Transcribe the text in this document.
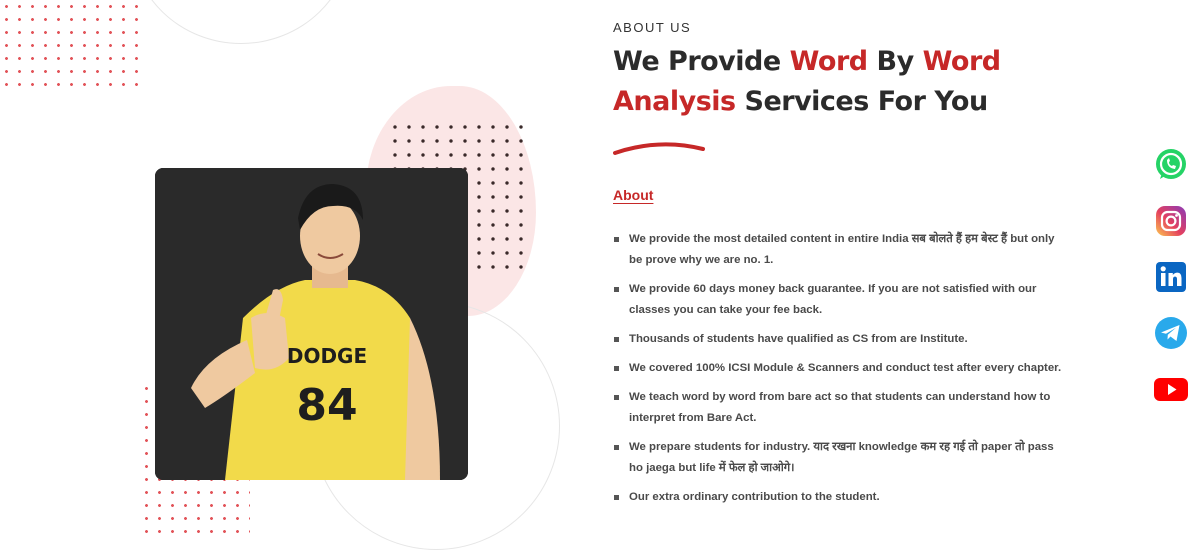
DODGE
84
ABOUT US
We Provide Word By Word
Analysis Services For You
About
We provide the most detailed content in entire India सब बोलते हैं हम बेस्ट हैं but only be prove why we are no. 1.
We provide 60 days money back guarantee. If you are not satisfied with our classes you can take your fee back.
Thousands of students have qualified as CS from are Institute.
We covered 100% ICSI Module & Scanners and conduct test after every chapter.
We teach word by word from bare act so that students can understand how to interpret from Bare Act.
We prepare students for industry. याद रखना knowledge कम रह गई तो paper तो pass ho jaega but life में फेल हो जाओगे।
Our extra ordinary contribution to the student.
